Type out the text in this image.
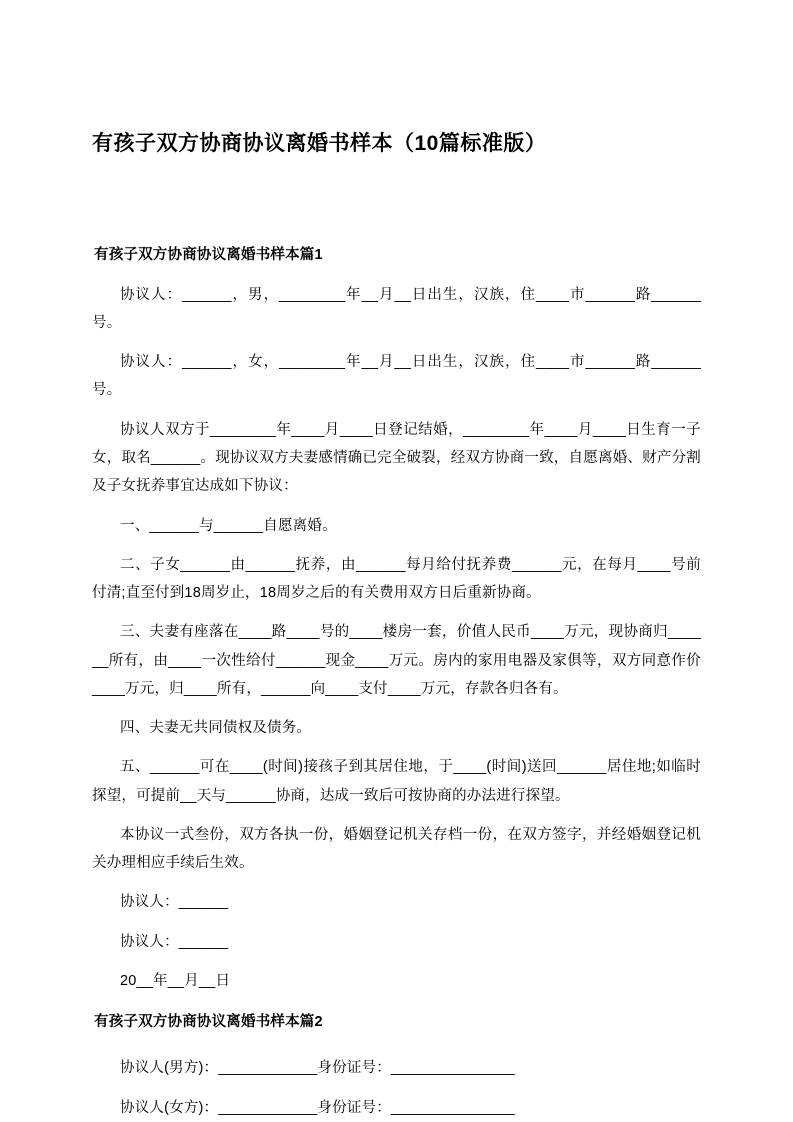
有孩子双方协商协议离婚书样本（10篇标准版）
有孩子双方协商协议离婚书样本篇1

协议人：______，男，________年__月__日出生，汉族，住____市______路______号。

协议人：______，女，________年__月__日出生，汉族，住____市______路______号。

协议人双方于________年____月____日登记结婚，________年____月____日生育一子女，取名______。现协议双方夫妻感情确已完全破裂，经双方协商一致，自愿离婚、财产分割及子女抚养事宜达成如下协议：

一、______与______自愿离婚。

二、子女______由______抚养，由______每月给付抚养费______元，在每月____号前付清;直至付到18周岁止，18周岁之后的有关费用双方日后重新协商。

三、夫妻有座落在____路____号的____楼房一套，价值人民币____万元，现协商归______所有，由____一次性给付______现金____万元。房内的家用电器及家俱等，双方同意作价____万元，归____所有，______向____支付____万元，存款各归各有。

四、夫妻无共同债权及债务。

五、______可在____(时间)接孩子到其居住地，于____(时间)送回______居住地;如临时探望，可提前__天与______协商，达成一致后可按协商的办法进行探望。

本协议一式叁份，双方各执一份，婚姻登记机关存档一份，在双方签字，并经婚姻登记机关办理相应手续后生效。

协议人：______

协议人：______

20__年__月__日

有孩子双方协商协议离婚书样本篇2

协议人(男方)：____________身份证号：_______________

协议人(女方)：____________身份证号：_______________
